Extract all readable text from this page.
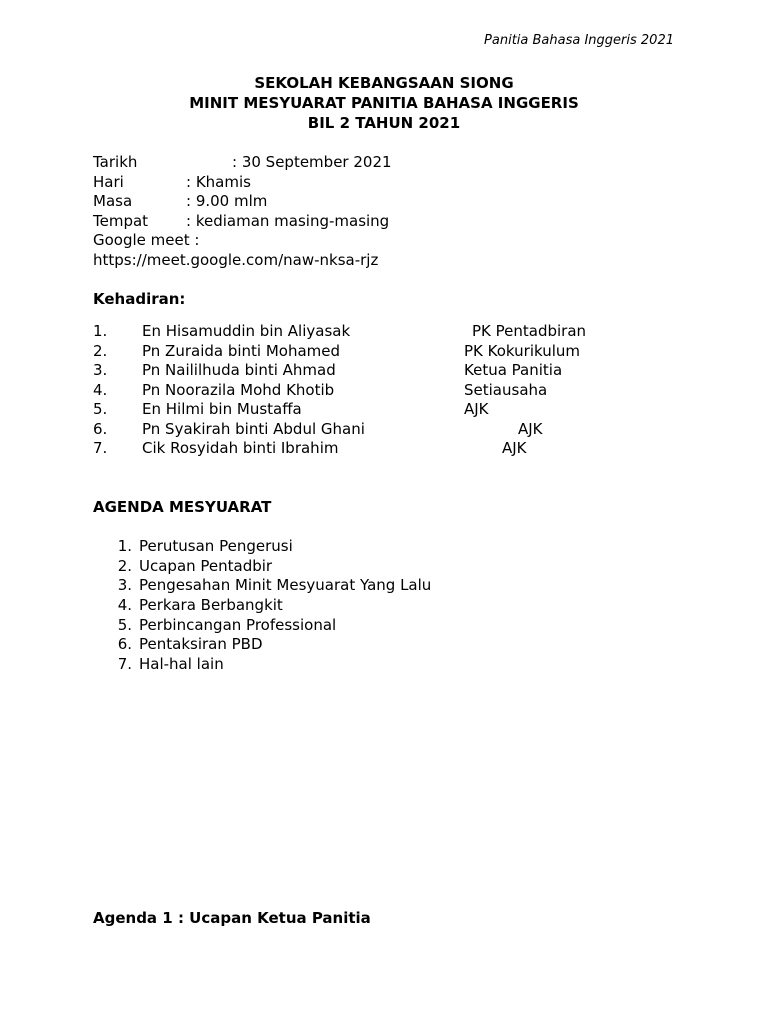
Panitia Bahasa Inggeris 2021
SEKOLAH KEBANGSAAN SIONG
MINIT MESYUARAT PANITIA BAHASA INGGERIS
BIL 2 TAHUN 2021
Tarikh	: 30 September 2021
Hari	: Khamis
Masa	: 9.00 mlm
Tempat	: kediaman masing-masing
Google meet :
https://meet.google.com/naw-nksa-rjz
Kehadiran:
1. En Hisamuddin bin Aliyasak	PK Pentadbiran
2. Pn Zuraida binti Mohamed	PK Kokurikulum
3. Pn Naililhuda binti Ahmad	Ketua Panitia
4. Pn Noorazila Mohd Khotib	Setiausaha
5. En Hilmi bin Mustaffa	AJK
6. Pn Syakirah binti Abdul Ghani	AJK
7. Cik Rosyidah binti Ibrahim	AJK
AGENDA MESYUARAT
1. Perutusan Pengerusi
2. Ucapan Pentadbir
3. Pengesahan Minit Mesyuarat Yang Lalu
4. Perkara Berbangkit
5. Perbincangan Professional
6. Pentaksiran PBD
7. Hal-hal lain
Agenda 1 : Ucapan Ketua Panitia
